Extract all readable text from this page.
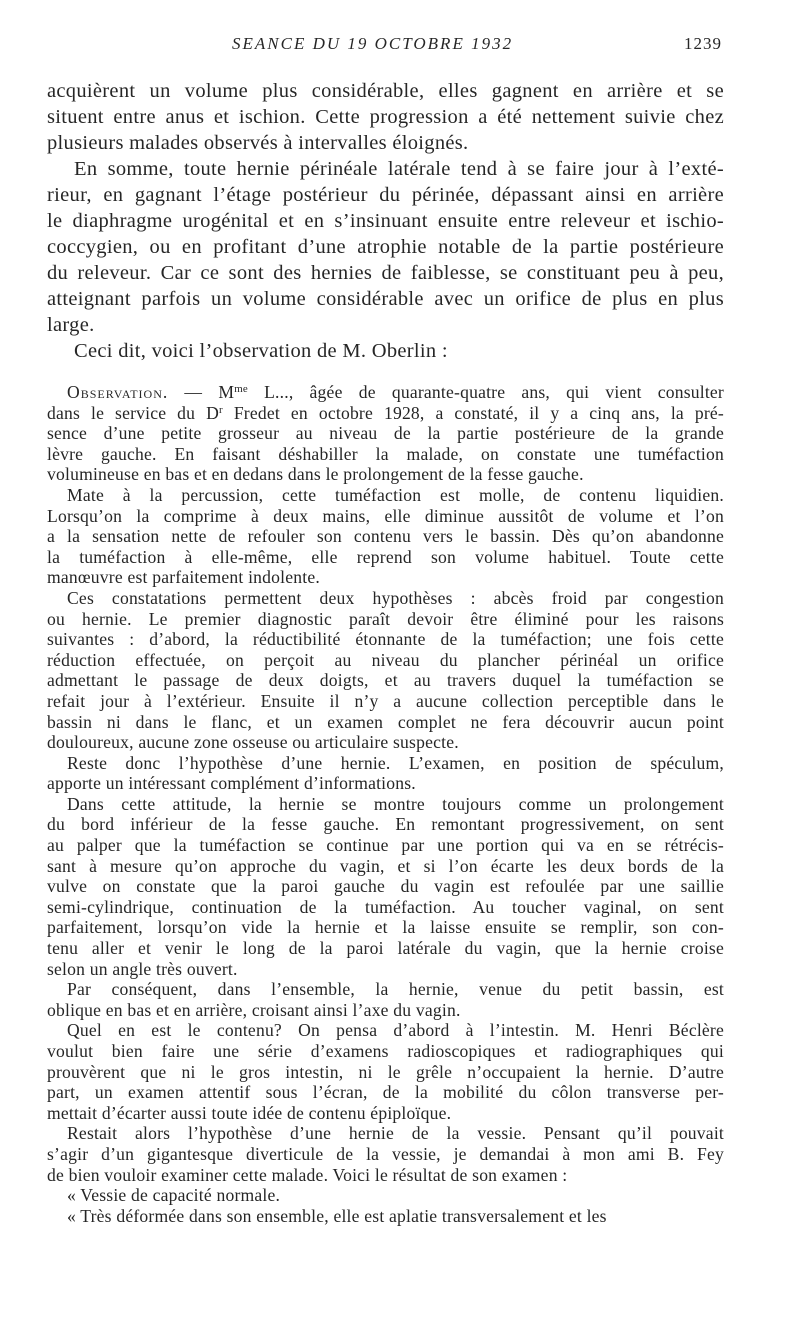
SEANCE DU 19 OCTOBRE 1932	1239
acquièrent un volume plus considérable, elles gagnent en arrière et se
situent entre anus et ischion. Cette progression a été nettement suivie chez
plusieurs malades observés à intervalles éloignés.
En somme, toute hernie périnéale latérale tend à se faire jour à l’exté-
rieur, en gagnant l’étage postérieur du périnée, dépassant ainsi en arrière
le diaphragme urogénital et en s’insinuant ensuite entre releveur et ischio-
coccygien, ou en profitant d’une atrophie notable de la partie postérieure
du releveur. Car ce sont des hernies de faiblesse, se constituant peu à peu,
atteignant parfois un volume considérable avec un orifice de plus en plus
large.
Ceci dit, voici l’observation de M. Oberlin :
Observation. — $M^{me}$ L..., âgée de quarante-quatre ans, qui vient consulter
dans le service du $D^r$ Fredet en octobre 1928, a constaté, il y a cinq ans, la pré-
sence d’une petite grosseur au niveau de la partie postérieure de la grande
lèvre gauche. En faisant déshabiller la malade, on constate une tuméfaction
volumineuse en bas et en dedans dans le prolongement de la fesse gauche.
Mate à la percussion, cette tuméfaction est molle, de contenu liquidien.
Lorsqu’on la comprime à deux mains, elle diminue aussitôt de volume et l’on
a la sensation nette de refouler son contenu vers le bassin. Dès qu’on abandonne
la tuméfaction à elle-même, elle reprend son volume habituel. Toute cette
manœuvre est parfaitement indolente.
Ces constatations permettent deux hypothèses : abcès froid par congestion
ou hernie. Le premier diagnostic paraît devoir être éliminé pour les raisons
suivantes : d’abord, la réductibilité étonnante de la tuméfaction; une fois cette
réduction effectuée, on perçoit au niveau du plancher périnéal un orifice
admettant le passage de deux doigts, et au travers duquel la tuméfaction se
refait jour à l’extérieur. Ensuite il n’y a aucune collection perceptible dans le
bassin ni dans le flanc, et un examen complet ne fera découvrir aucun point
douloureux, aucune zone osseuse ou articulaire suspecte.
Reste donc l’hypothèse d’une hernie. L’examen, en position de spéculum,
apporte un intéressant complément d’informations.
Dans cette attitude, la hernie se montre toujours comme un prolongement
du bord inférieur de la fesse gauche. En remontant progressivement, on sent
au palper que la tuméfaction se continue par une portion qui va en se rétrécis-
sant à mesure qu’on approche du vagin, et si l’on écarte les deux bords de la
vulve on constate que la paroi gauche du vagin est refoulée par une saillie
semi-cylindrique, continuation de la tuméfaction. Au toucher vaginal, on sent
parfaitement, lorsqu’on vide la hernie et la laisse ensuite se remplir, son con-
tenu aller et venir le long de la paroi latérale du vagin, que la hernie croise
selon un angle très ouvert.
Par conséquent, dans l’ensemble, la hernie, venue du petit bassin, est
oblique en bas et en arrière, croisant ainsi l’axe du vagin.
Quel en est le contenu? On pensa d’abord à l’intestin. M. Henri Béclère
voulut bien faire une série d’examens radioscopiques et radiographiques qui
prouvèrent que ni le gros intestin, ni le grêle n’occupaient la hernie. D’autre
part, un examen attentif sous l’écran, de la mobilité du côlon transverse per-
mettait d’écarter aussi toute idée de contenu épiploïque.
Restait alors l’hypothèse d’une hernie de la vessie. Pensant qu’il pouvait
s’agir d’un gigantesque diverticule de la vessie, je demandai à mon ami B. Fey
de bien vouloir examiner cette malade. Voici le résultat de son examen :
« Vessie de capacité normale.
« Très déformée dans son ensemble, elle est aplatie transversalement et les
